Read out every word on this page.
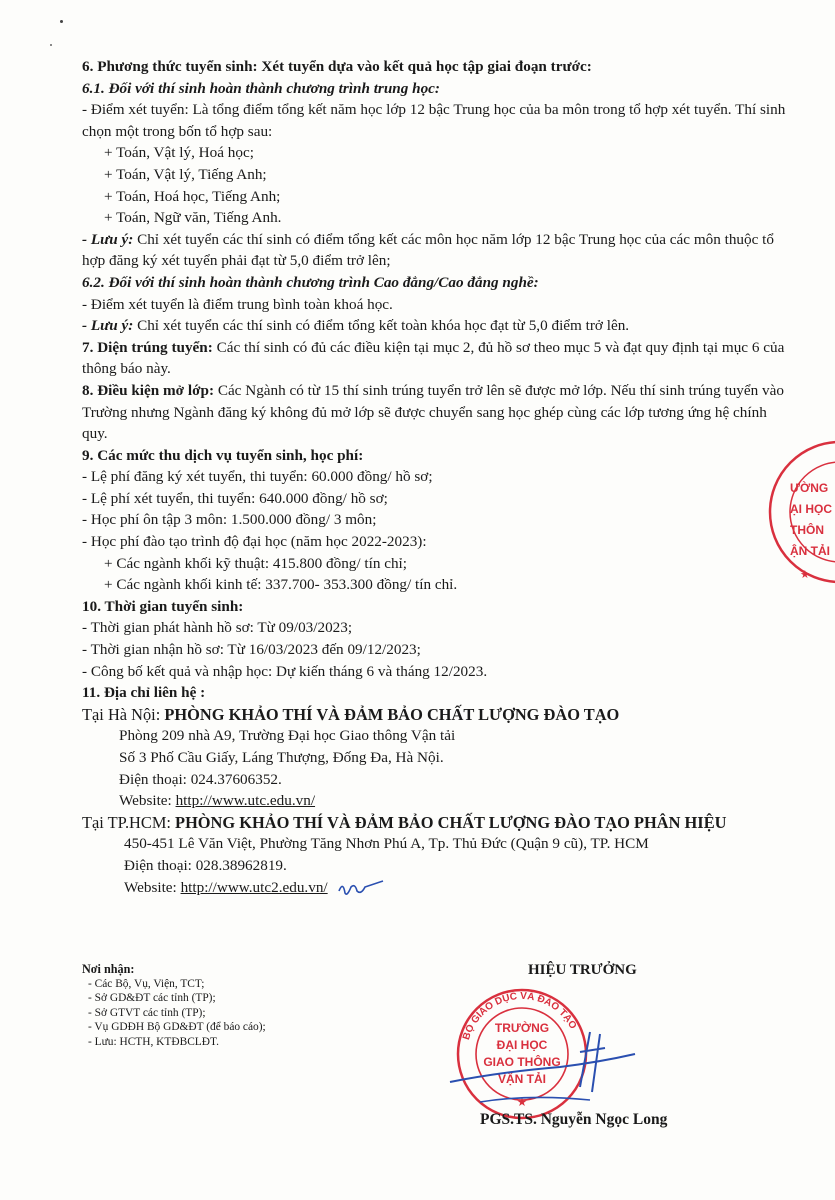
6. Phương thức tuyển sinh: Xét tuyển dựa vào kết quả học tập giai đoạn trước:
6.1. Đối với thí sinh hoàn thành chương trình trung học:
- Điểm xét tuyển: Là tổng điểm tổng kết năm học lớp 12 bậc Trung học của ba môn trong tổ hợp xét tuyển. Thí sinh chọn một trong bốn tổ hợp sau:
+ Toán, Vật lý, Hoá học;
+ Toán, Vật lý, Tiếng Anh;
+ Toán, Hoá học, Tiếng Anh;
+ Toán, Ngữ văn, Tiếng Anh.
- Lưu ý: Chỉ xét tuyển các thí sinh có điểm tổng kết các môn học năm lớp 12 bậc Trung học của các môn thuộc tổ hợp đăng ký xét tuyển phải đạt từ 5,0 điểm trở lên;
6.2. Đối với thí sinh hoàn thành chương trình Cao đẳng/Cao đẳng nghề:
- Điểm xét tuyển là điểm trung bình toàn khoá học.
- Lưu ý: Chỉ xét tuyển các thí sinh có điểm tổng kết toàn khóa học đạt từ 5,0 điểm trở lên.
7. Diện trúng tuyển: Các thí sinh có đủ các điều kiện tại mục 2, đủ hồ sơ theo mục 5 và đạt quy định tại mục 6 của thông báo này.
8. Điều kiện mở lớp: Các Ngành có từ 15 thí sinh trúng tuyển trở lên sẽ được mở lớp. Nếu thí sinh trúng tuyển vào Trường nhưng Ngành đăng ký không đủ mở lớp sẽ được chuyển sang học ghép cùng các lớp tương ứng hệ chính quy.
9. Các mức thu dịch vụ tuyển sinh, học phí:
- Lệ phí đăng ký xét tuyển, thi tuyển: 60.000 đồng/ hồ sơ;
- Lệ phí xét tuyển, thi tuyển: 640.000 đồng/ hồ sơ;
- Học phí ôn tập 3 môn: 1.500.000 đồng/ 3 môn;
- Học phí đào tạo trình độ đại học (năm học 2022-2023):
+ Các ngành khối kỹ thuật: 415.800 đồng/ tín chỉ;
+ Các ngành khối kinh tế: 337.700- 353.300 đồng/ tín chỉ.
10. Thời gian tuyển sinh:
- Thời gian phát hành hồ sơ: Từ 09/03/2023;
- Thời gian nhận hồ sơ: Từ 16/03/2023 đến 09/12/2023;
- Công bố kết quả và nhập học: Dự kiến tháng 6 và tháng 12/2023.
11. Địa chỉ liên hệ :
Tại Hà Nội: PHÒNG KHẢO THÍ VÀ ĐẢM BẢO CHẤT LƯỢNG ĐÀO TẠO
Phòng 209 nhà A9, Trường Đại học Giao thông Vận tải
Số 3 Phố Cầu Giấy, Láng Thượng, Đống Đa, Hà Nội.
Điện thoại: 024.37606352.
Website: http://www.utc.edu.vn/
Tại TP.HCM: PHÒNG KHẢO THÍ VÀ ĐẢM BẢO CHẤT LƯỢNG ĐÀO TẠO PHÂN HIỆU
450-451 Lê Văn Việt, Phường Tăng Nhơn Phú A, Tp. Thủ Đức (Quận 9 cũ), TP. HCM
Điện thoại: 028.38962819.
Website: http://www.utc2.edu.vn/
Nơi nhận:
- Các Bộ, Vụ, Viện, TCT;
- Sở GD&ĐT các tỉnh (TP);
- Sở GTVT các tỉnh (TP);
- Vụ GDĐH Bộ GD&ĐT (để báo cáo);
- Lưu: HCTH, KTĐBCLĐT.
HIỆU TRƯỞNG
BỘ GIÁO DỤC VÀ ĐÀO TẠO
TRƯỜNG
ĐẠI HỌC
GIAO THÔNG
VẬN TẢI
★
PGS.TS. Nguyễn Ngọc Long
ƯỜNG
ẠI HỌC
THÔN
ẬN TẢI
★
